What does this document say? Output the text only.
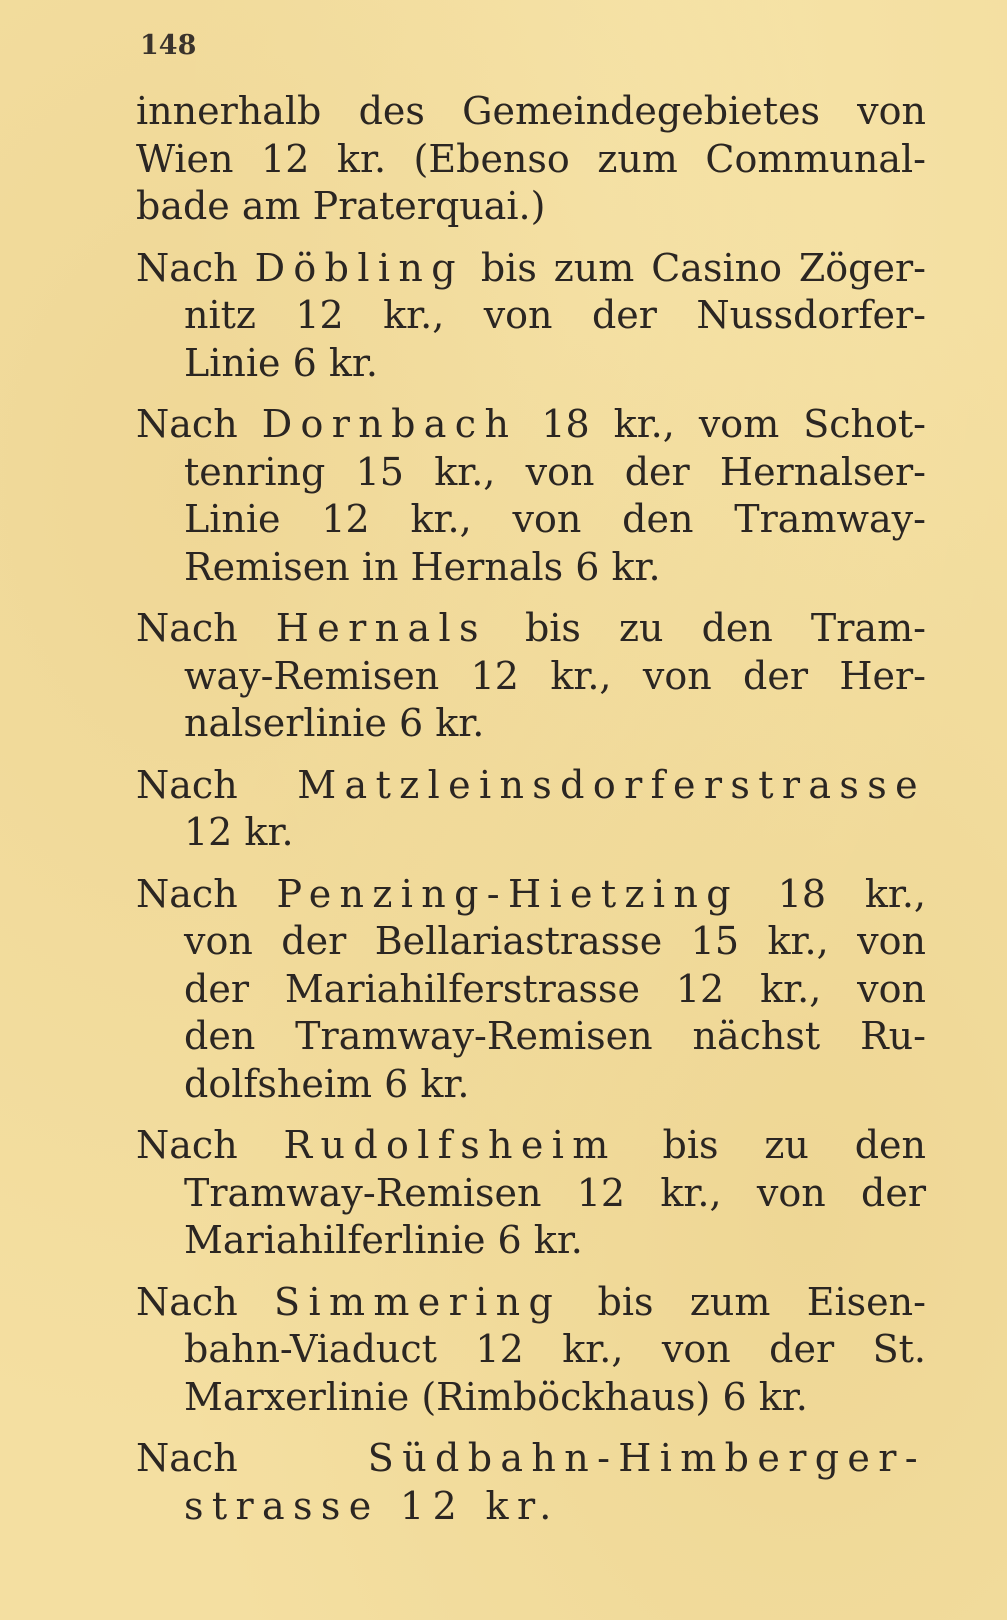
148
innerhalb des Gemeindegebietes von
Wien 12 kr. (Ebenso zum Communal-
bade am Praterquai.)
Nach Döbling bis zum Casino Zöger-
nitz 12 kr., von der Nussdorfer-
Linie 6 kr.
Nach Dornbach 18 kr., vom Schot-
tenring 15 kr., von der Hernalser-
Linie 12 kr., von den Tramway-
Remisen in Hernals 6 kr.
Nach Hernals bis zu den Tram-
way-Remisen 12 kr., von der Her-
nalserlinie 6 kr.
Nach Matzleinsdorferstrasse
12 kr.
Nach Penzing-Hietzing 18 kr.,
von der Bellariastrasse 15 kr., von
der Mariahilferstrasse 12 kr., von
den Tramway-Remisen nächst Ru-
dolfsheim 6 kr.
Nach Rudolfsheim bis zu den
Tramway-Remisen 12 kr., von der
Mariahilferlinie 6 kr.
Nach Simmering bis zum Eisen-
bahn-Viaduct 12 kr., von der St.
Marxerlinie (Rimböckhaus) 6 kr.
Nach	Südbahn-Himberger-
strasse 12 kr.
